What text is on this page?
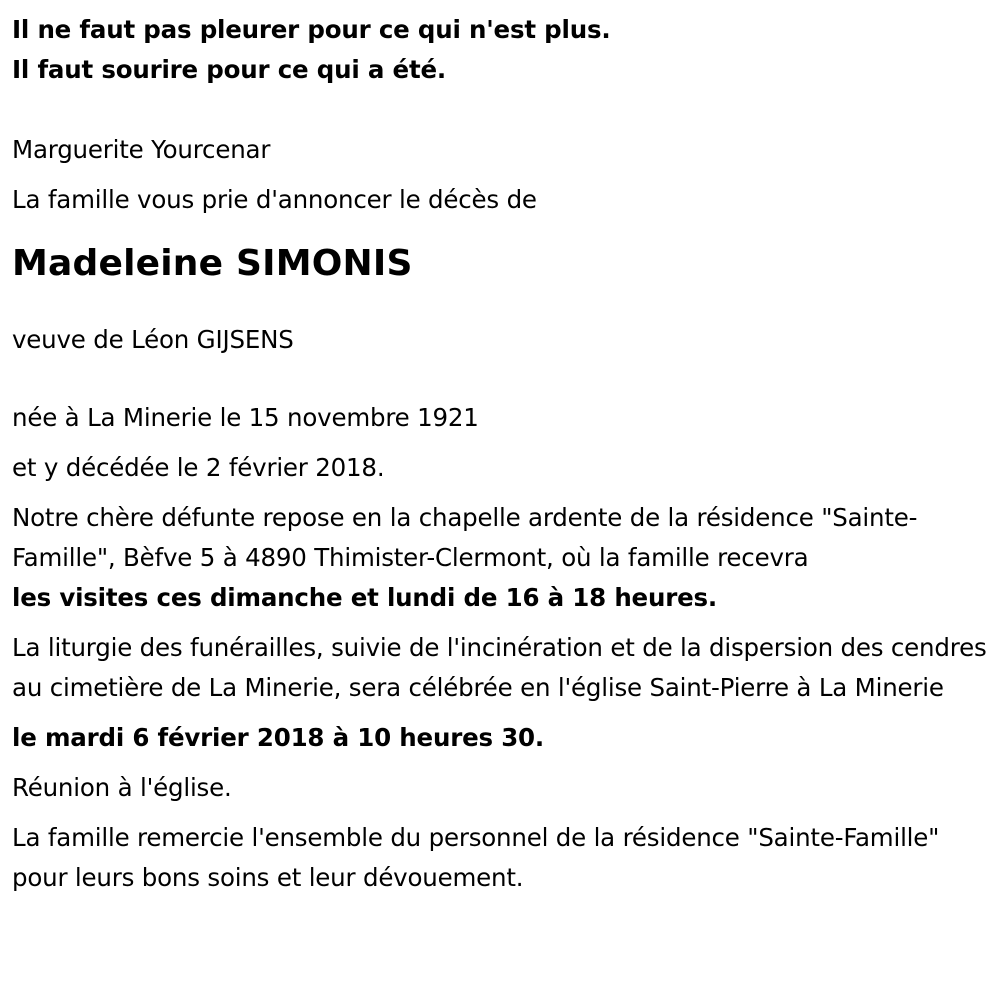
Il ne faut pas pleurer pour ce qui n'est plus.

Il faut sourire pour ce qui a été.

Marguerite Yourcenar

La famille vous prie d'annoncer le décès de

Madeleine SIMONIS

veuve de Léon GIJSENS

née à La Minerie le 15 novembre 1921

et y décédée le 2 février 2018.

Notre chère défunte repose en la chapelle ardente de la résidence "Sainte-Famille", Bèfve 5 à 4890 Thimister-Clermont, où la famille recevra

les visites ces dimanche et lundi de 16 à 18 heures.

La liturgie des funérailles, suivie de l'incinération et de la dispersion des cendres au cimetière de La Minerie, sera célébrée en l'église Saint-Pierre à La Minerie

le mardi 6 février 2018 à 10 heures 30.

Réunion à l'église.

La famille remercie l'ensemble du personnel de la résidence "Sainte-Famille" pour leurs bons soins et leur dévouement.
